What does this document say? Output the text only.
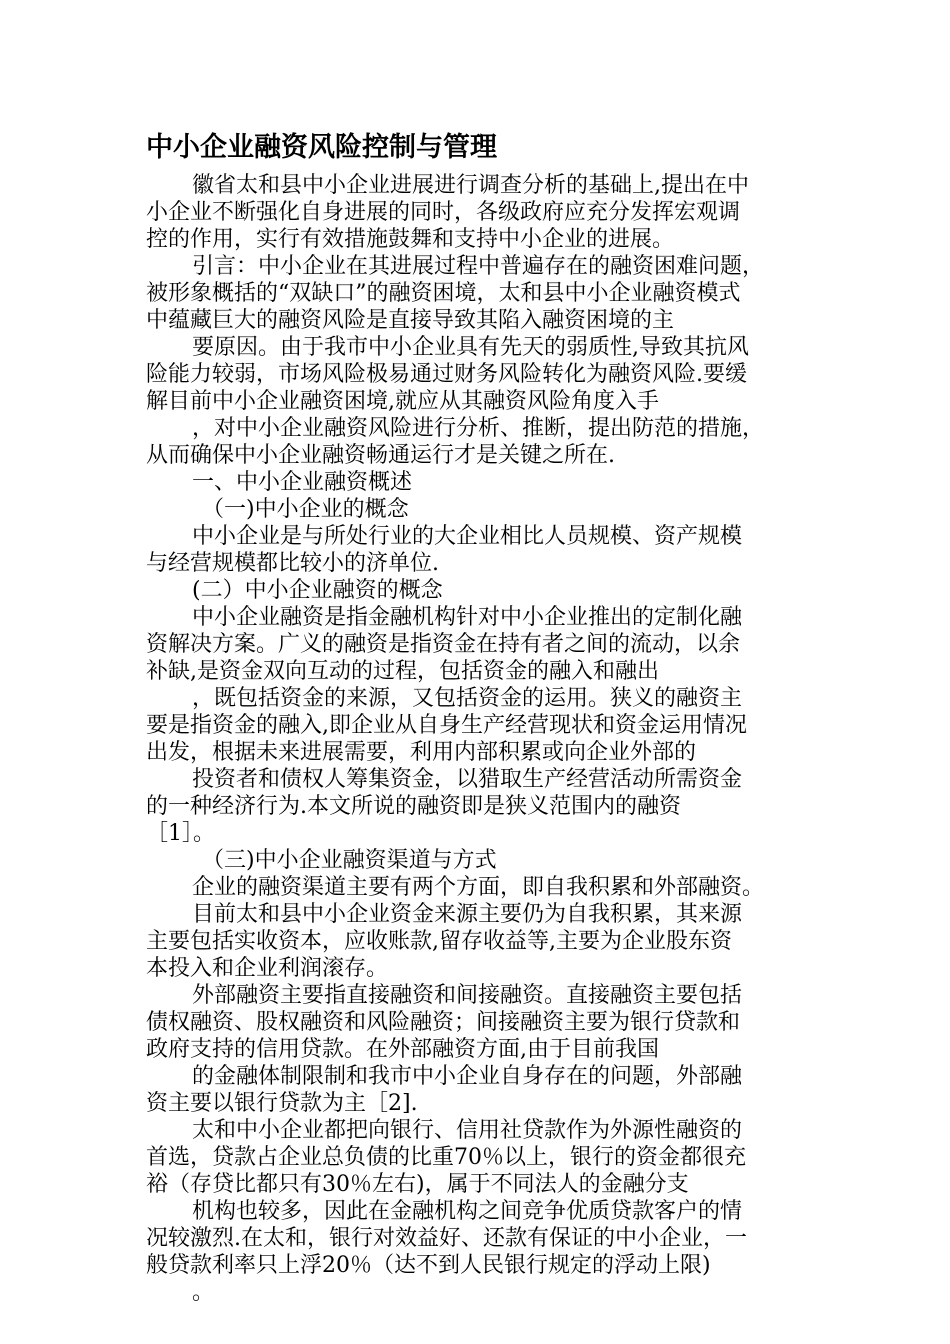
中小企业融资风险控制与管理
徽省太和县中小企业进展进行调查分析的基础上,提出在中
小企业不断强化自身进展的同时，各级政府应充分发挥宏观调
控的作用，实行有效措施鼓舞和支持中小企业的进展。
引言：中小企业在其进展过程中普遍存在的融资困难问题，
被形象概括的“双缺口”的融资困境，太和县中小企业融资模式
中蕴藏巨大的融资风险是直接导致其陷入融资困境的主
要原因。由于我市中小企业具有先天的弱质性,导致其抗风
险能力较弱，市场风险极易通过财务风险转化为融资风险.要缓
解目前中小企业融资困境,就应从其融资风险角度入手
，对中小企业融资风险进行分析、推断，提出防范的措施，
从而确保中小企业融资畅通运行才是关键之所在.
一、中小企业融资概述
（一)中小企业的概念
中小企业是与所处行业的大企业相比人员规模、资产规模
与经营规模都比较小的济单位.
(二）中小企业融资的概念
中小企业融资是指金融机构针对中小企业推出的定制化融
资解决方案。广义的融资是指资金在持有者之间的流动，以余
补缺,是资金双向互动的过程，包括资金的融入和融出
，既包括资金的来源，又包括资金的运用。狭义的融资主
要是指资金的融入,即企业从自身生产经营现状和资金运用情况
出发，根据未来进展需要，利用内部积累或向企业外部的
投资者和债权人筹集资金，以猎取生产经营活动所需资金
的一种经济行为.本文所说的融资即是狭义范围内的融资
［1］。
（三)中小企业融资渠道与方式
企业的融资渠道主要有两个方面，即自我积累和外部融资。
目前太和县中小企业资金来源主要仍为自我积累，其来源
主要包括实收资本，应收账款,留存收益等,主要为企业股东资
本投入和企业利润滚存。
外部融资主要指直接融资和间接融资。直接融资主要包括
债权融资、股权融资和风险融资；间接融资主要为银行贷款和
政府支持的信用贷款。在外部融资方面,由于目前我国
的金融体制限制和我市中小企业自身存在的问题，外部融
资主要以银行贷款为主［2].
太和中小企业都把向银行、信用社贷款作为外源性融资的
首选，贷款占企业总负债的比重70％以上，银行的资金都很充
裕（存贷比都只有30％左右)，属于不同法人的金融分支
机构也较多，因此在金融机构之间竞争优质贷款客户的情
况较激烈.在太和，银行对效益好、还款有保证的中小企业，一
般贷款利率只上浮20％（达不到人民银行规定的浮动上限)
。
